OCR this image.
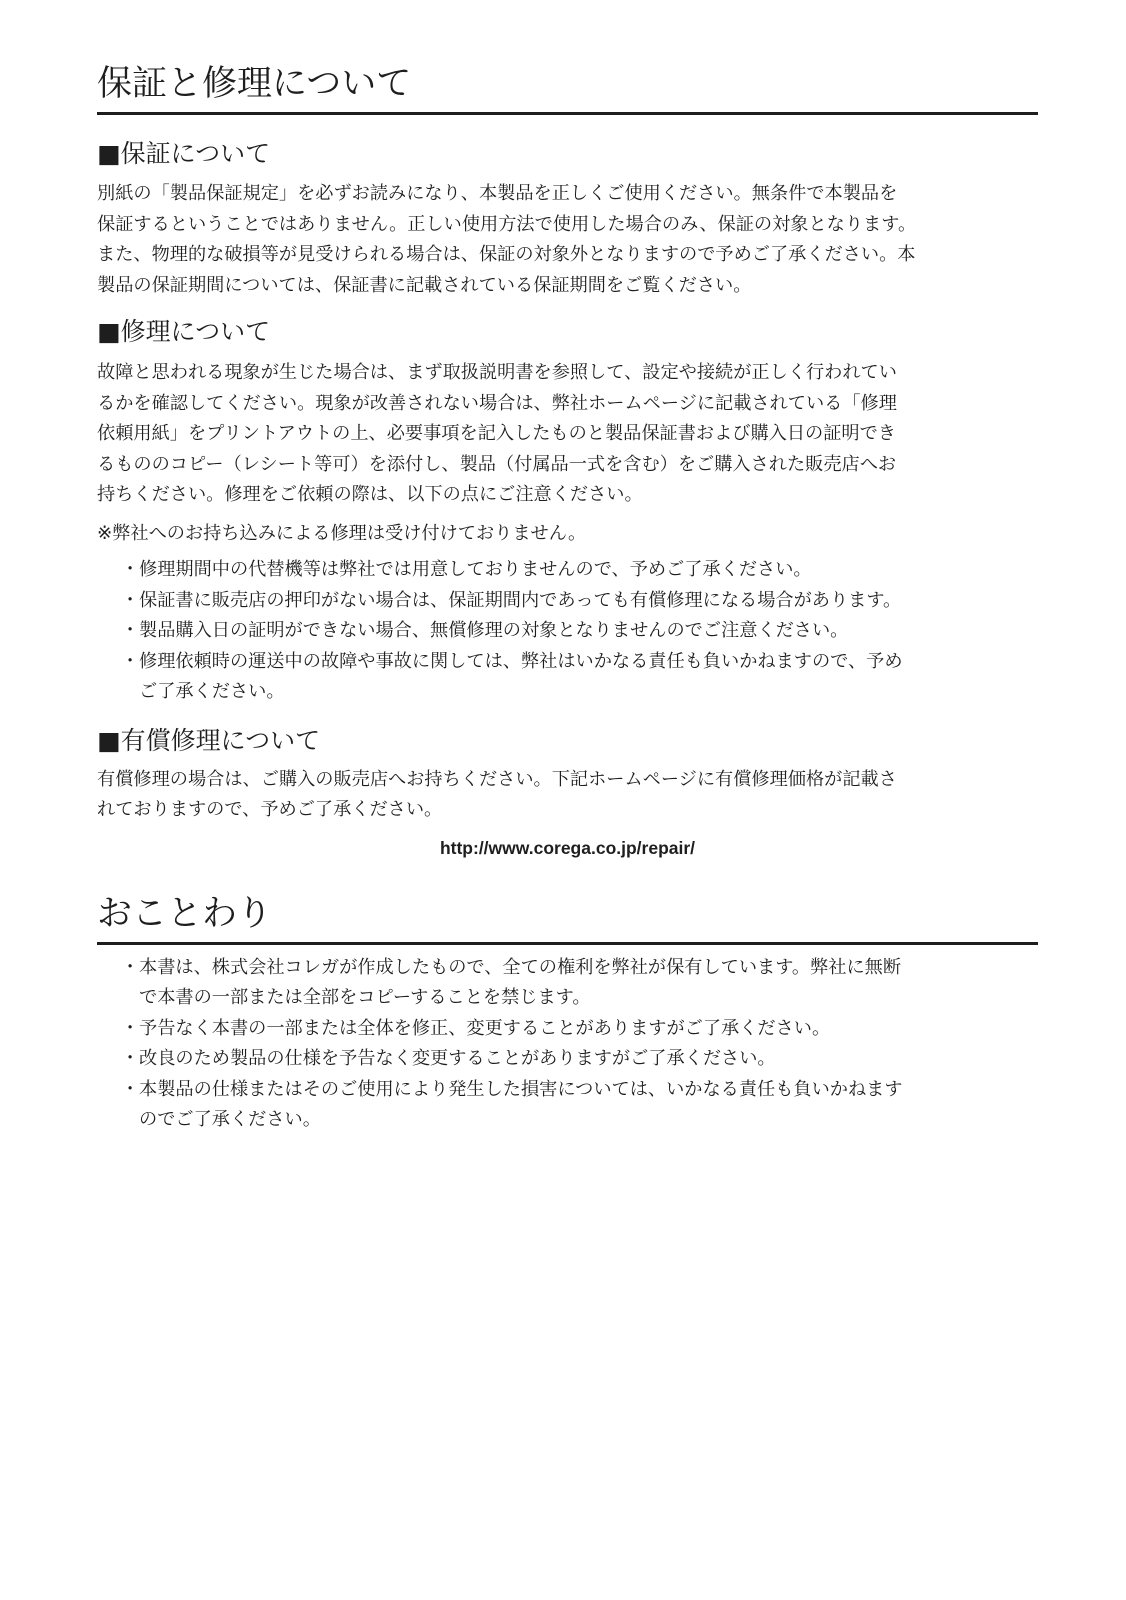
保証と修理について
■保証について

別紙の「製品保証規定」を必ずお読みになり、本製品を正しくご使用ください。無条件で本製品を
保証するということではありません。正しい使用方法で使用した場合のみ、保証の対象となります。
また、物理的な破損等が見受けられる場合は、保証の対象外となりますので予めご了承ください。本
製品の保証期間については、保証書に記載されている保証期間をご覧ください。

■修理について

故障と思われる現象が生じた場合は、まず取扱説明書を参照して、設定や接続が正しく行われてい
るかを確認してください。現象が改善されない場合は、弊社ホームページに記載されている「修理
依頼用紙」をプリントアウトの上、必要事項を記入したものと製品保証書および購入日の証明でき
るもののコピー（レシート等可）を添付し、製品（付属品一式を含む）をご購入された販売店へお
持ちください。修理をご依頼の際は、以下の点にご注意ください。

※弊社へのお持ち込みによる修理は受け付けておりません。

・ 修理期間中の代替機等は弊社では用意しておりませんので、予めご了承ください。
・ 保証書に販売店の押印がない場合は、保証期間内であっても有償修理になる場合があります。
・ 製品購入日の証明ができない場合、無償修理の対象となりませんのでご注意ください。
・ 修理依頼時の運送中の故障や事故に関しては、弊社はいかなる責任も負いかねますので、予め
ご了承ください。
■有償修理について

有償修理の場合は、ご購入の販売店へお持ちください。下記ホームページに有償修理価格が記載さ
れておりますので、予めご了承ください。

http://www.corega.co.jp/repair/

おことわり
・ 本書は、株式会社コレガが作成したもので、全ての権利を弊社が保有しています。弊社に無断
で本書の一部または全部をコピーすることを禁じます。
・ 予告なく本書の一部または全体を修正、変更することがありますがご了承ください。
・ 改良のため製品の仕様を予告なく変更することがありますがご了承ください。
・ 本製品の仕様またはそのご使用により発生した損害については、いかなる責任も負いかねます
のでご了承ください。
